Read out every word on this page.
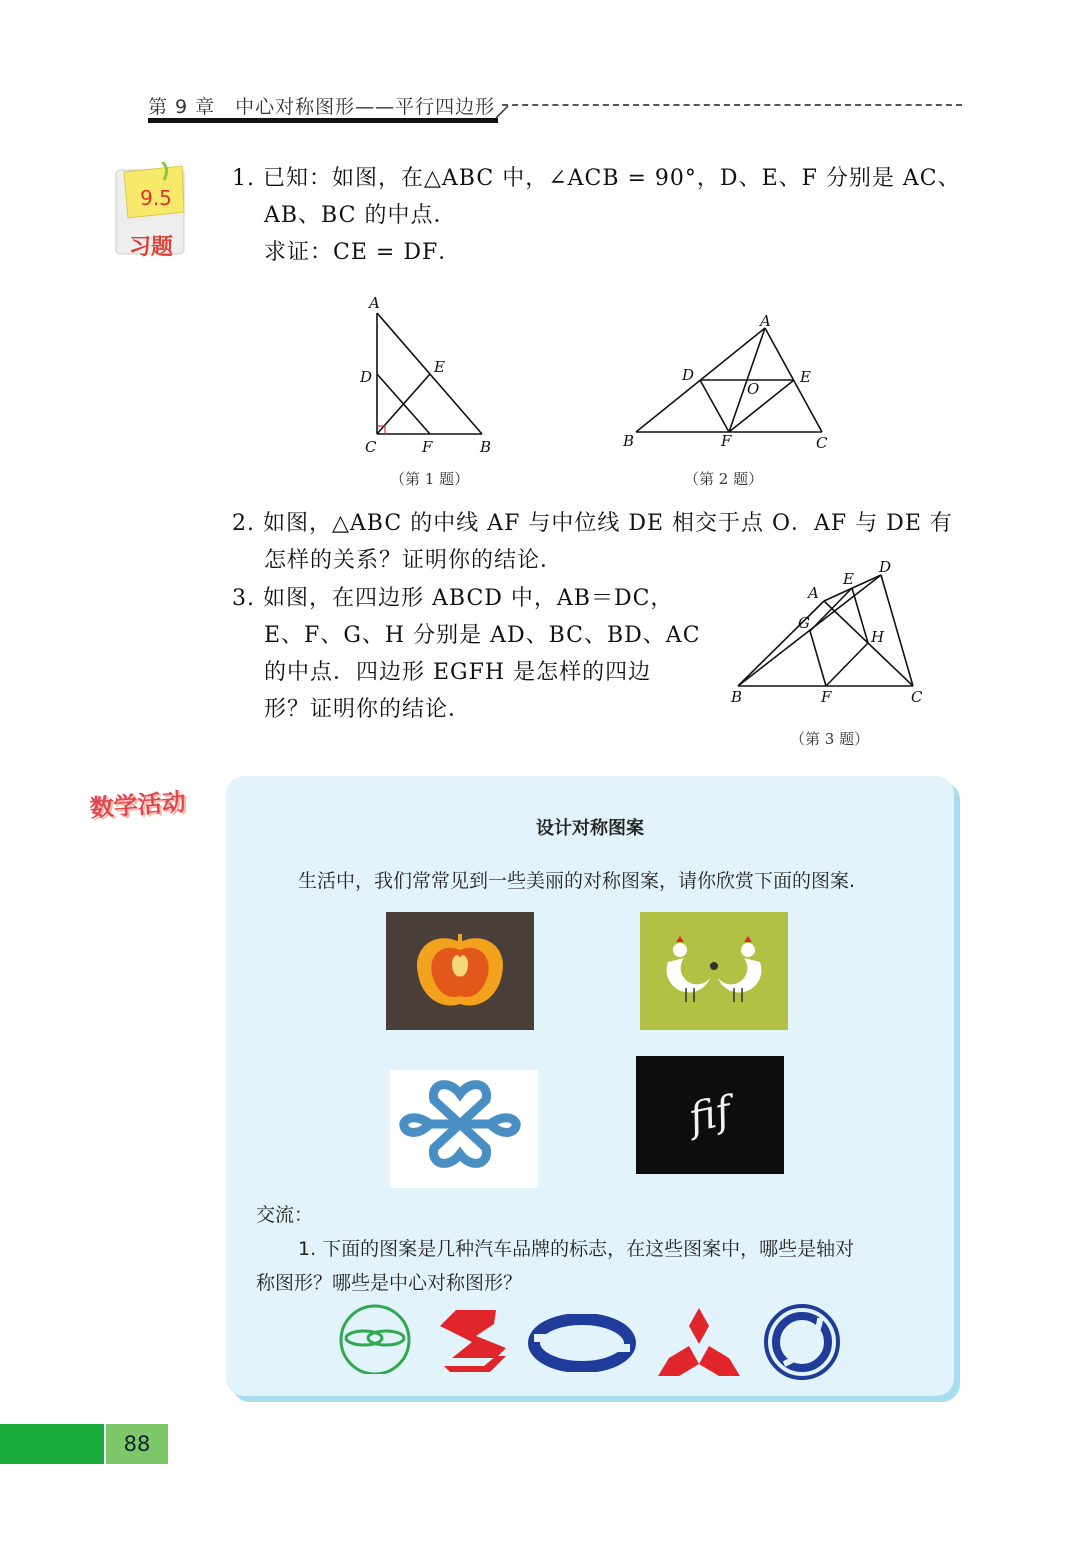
第 9 章　中心对称图形——平行四边形
9.5
习题
1. 已知：如图，在△ABC 中，∠ACB = 90°，D、E、F 分别是 AC、
AB、BC 的中点．
求证：CE = DF．
A
D
E
C	F	B
（第 1 题）
A
D	E
O
B	F	C
（第 2 题）
2. 如图，△ABC 的中线 AF 与中位线 DE 相交于点 O．AF 与 DE 有
怎样的关系？证明你的结论．
3. 如图，在四边形 ABCD 中，AB＝DC，
E、F、G、H 分别是 AD、BC、BD、AC
的中点．四边形 EGFH 是怎样的四边
形？证明你的结论．
A
E
D
G
H
B	F	C
（第 3 题）
数学活动
设计对称图案
生活中，我们常常见到一些美丽的对称图案，请你欣赏下面的图案.
fif
交流：
1. 下面的图案是几种汽车品牌的标志，在这些图案中，哪些是轴对
称图形？哪些是中心对称图形？
88
